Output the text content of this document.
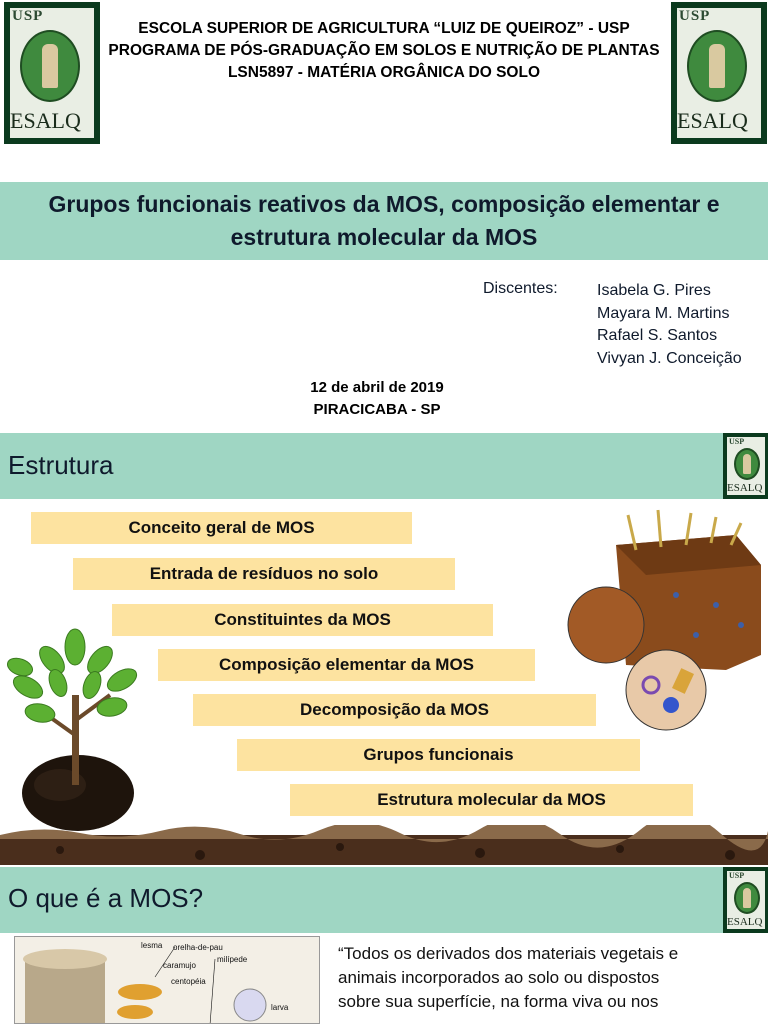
USP
ESALQ
USP
ESALQ
ESCOLA SUPERIOR DE AGRICULTURA “LUIZ DE QUEIROZ” - USP
PROGRAMA DE PÓS-GRADUAÇÃO EM SOLOS E NUTRIÇÃO DE PLANTAS
LSN5897 - MATÉRIA ORGÂNICA DO SOLO
Grupos funcionais reativos da MOS, composição elementar e
estrutura molecular da MOS
Discentes: Isabela G. Pires
Mayara M. Martins
Rafael S. Santos
Vivyan J. Conceição
12 de abril de 2019
PIRACICABA - SP
Estrutura
USP
ESALQ
Conceito geral de MOS
Entrada de resíduos no solo
Constituintes da MOS
Composição elementar da MOS
Decomposição da MOS
Grupos funcionais
Estrutura molecular da MOS
O que é a MOS?
USP
ESALQ
lesma orelha-de-pau
milípede
caramujo
centopéia
larva
“Todos os derivados dos materiais vegetais e
animais incorporados ao solo ou dispostos
sobre sua superfície, na forma viva ou nos
